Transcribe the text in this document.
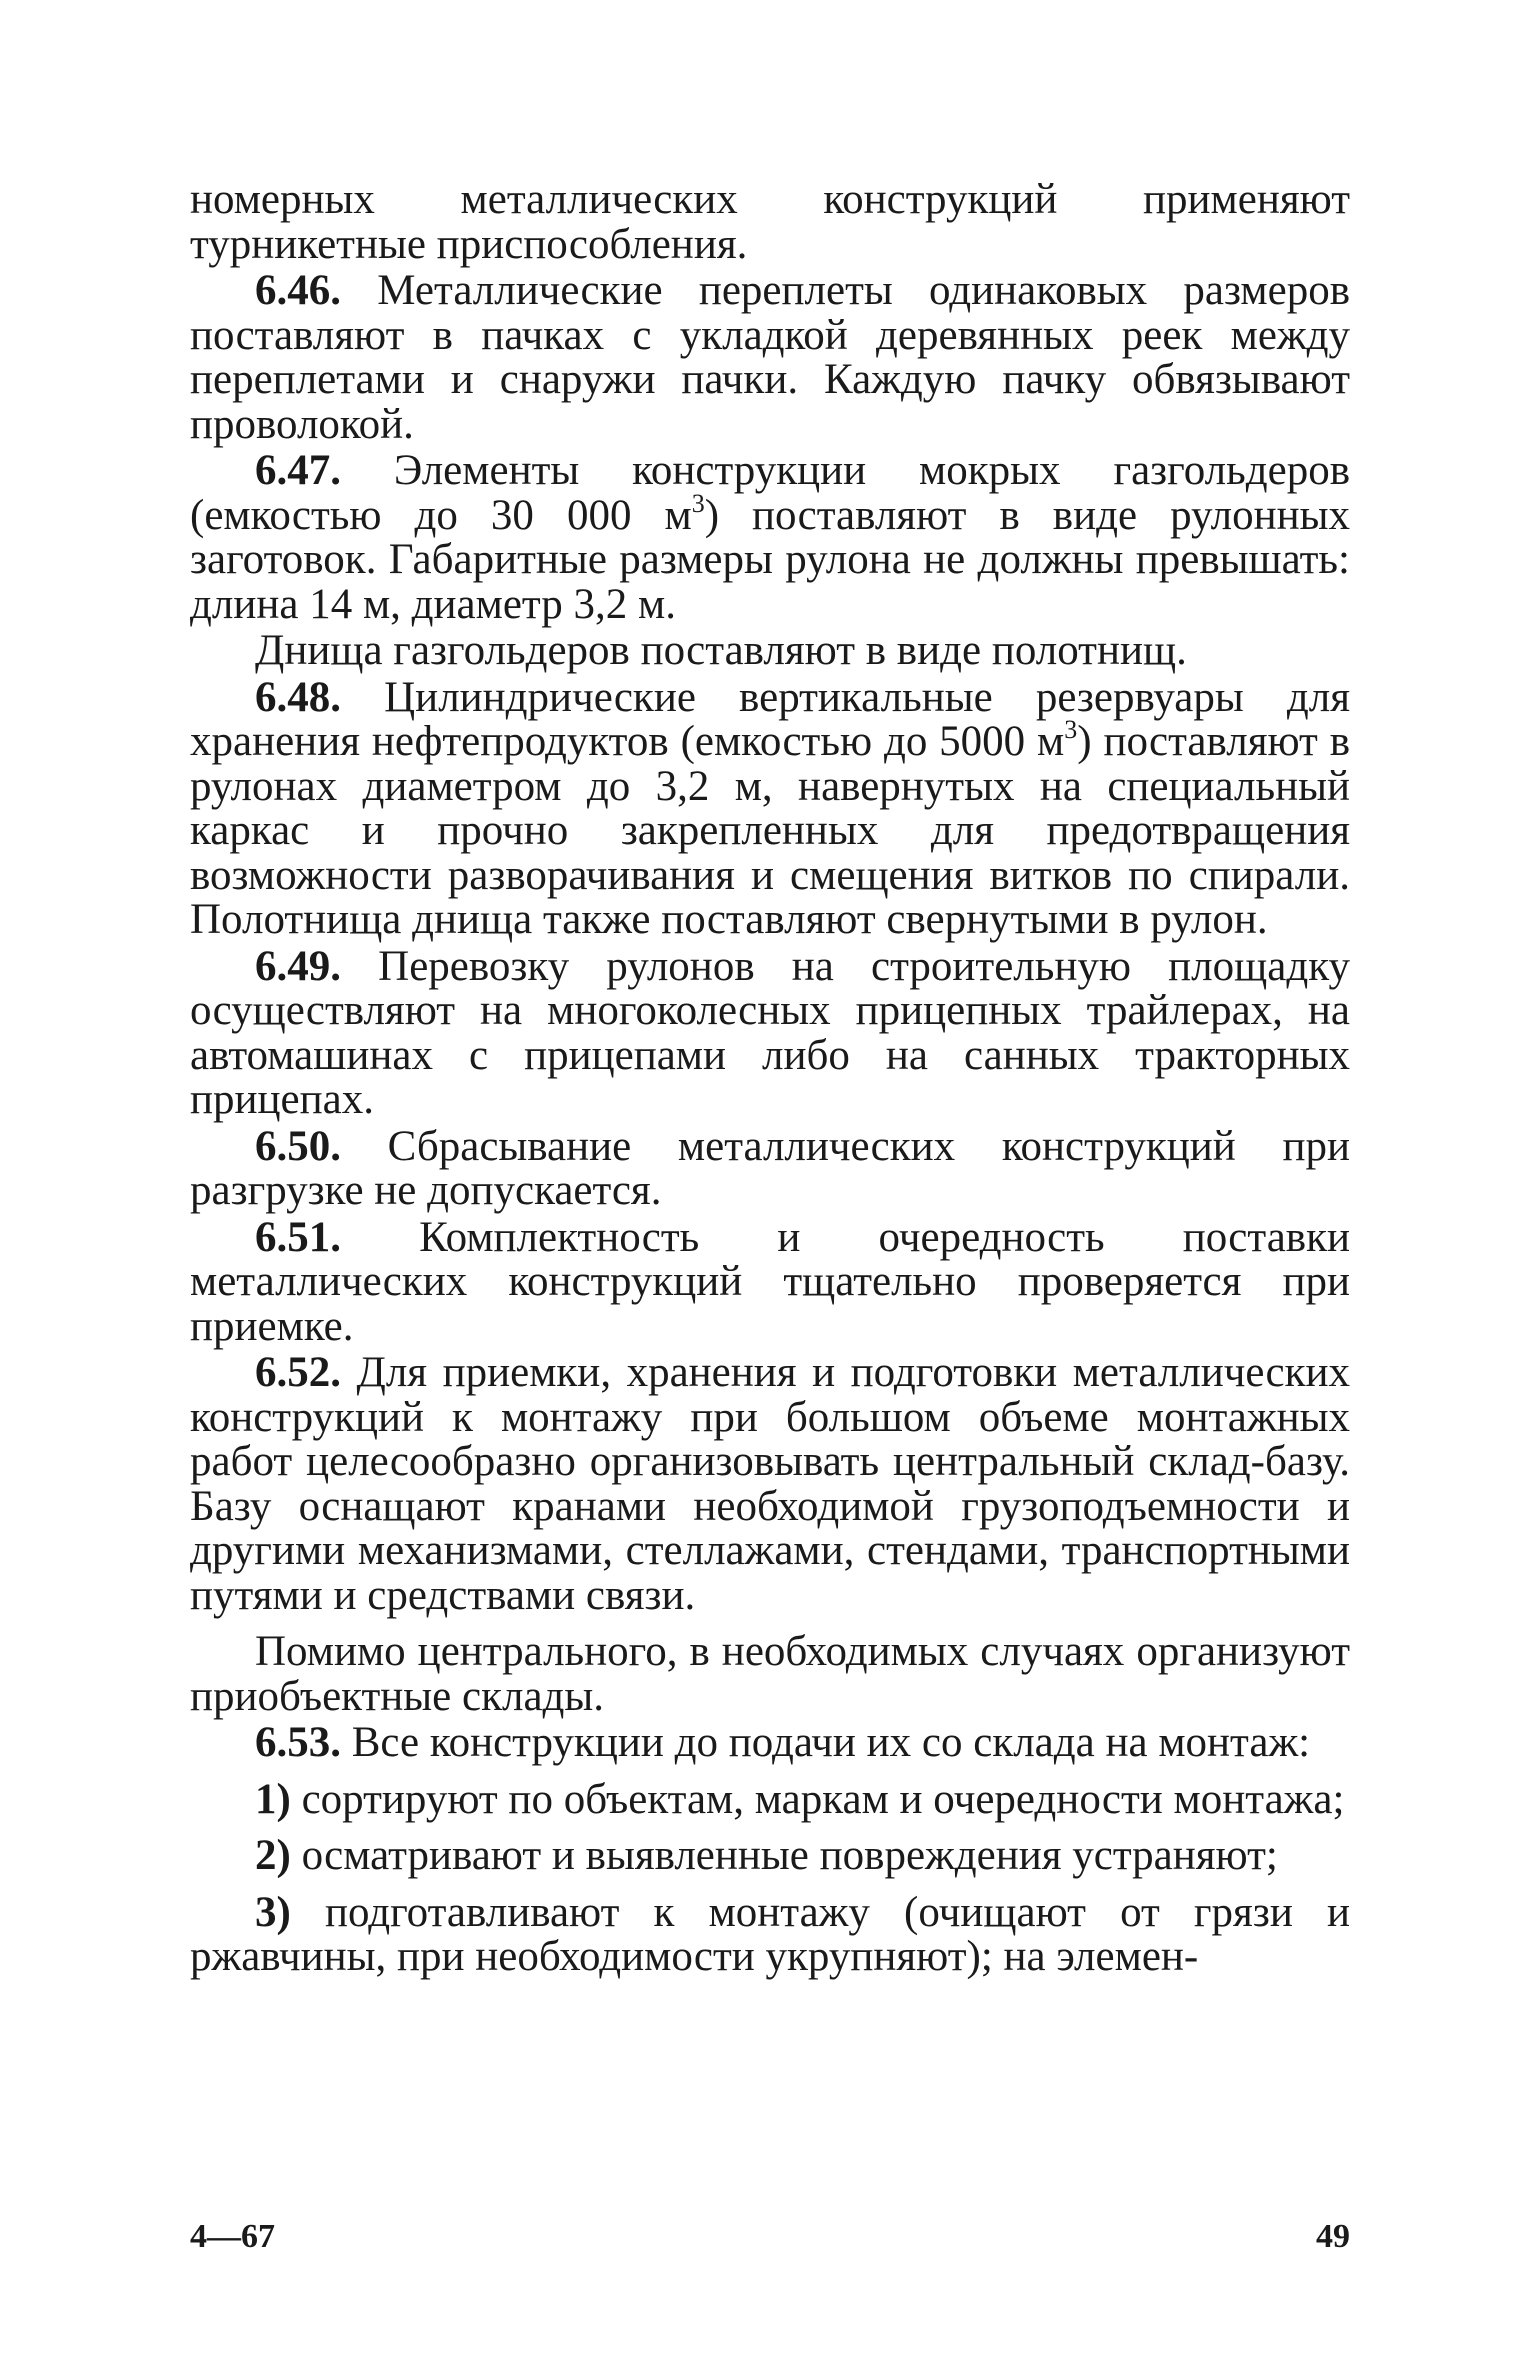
номерных металлических конструкций применяют турникетные приспособления.

6.46. Металлические переплеты одинаковых размеров поставляют в пачках с укладкой деревянных реек между переплетами и снаружи пачки. Каждую пачку обвязывают проволокой.

6.47. Элементы конструкции мокрых газгольдеров (емкостью до 30 000 $м^3$) поставляют в виде рулонных заготовок. Габаритные размеры рулона не должны превышать: длина 14 м, диаметр 3,2 м.

Днища газгольдеров поставляют в виде полотнищ.

6.48. Цилиндрические вертикальные резервуары для хранения нефтепродуктов (емкостью до 5000 $м^3$) поставляют в рулонах диаметром до 3,2 м, навернутых на специальный каркас и прочно закрепленных для предотвращения возможности разворачивания и смещения витков по спирали. Полотнища днища также поставляют свернутыми в рулон.

6.49. Перевозку рулонов на строительную площадку осуществляют на многоколесных прицепных трайлерах, на автомашинах с прицепами либо на санных тракторных прицепах.

6.50. Сбрасывание металлических конструкций при разгрузке не допускается.

6.51. Комплектность и очередность поставки металлических конструкций тщательно проверяется при приемке.

6.52. Для приемки, хранения и подготовки металлических конструкций к монтажу при большом объеме монтажных работ целесообразно организовывать центральный склад-базу. Базу оснащают кранами необходимой грузоподъемности и другими механизмами, стеллажами, стендами, транспортными путями и средствами связи.

Помимо центрального, в необходимых случаях организуют приобъектные склады.

6.53. Все конструкции до подачи их со склада на монтаж:

1) сортируют по объектам, маркам и очередности монтажа;

2) осматривают и выявленные повреждения устраняют;

3) подготавливают к монтажу (очищают от грязи и ржавчины, при необходимости укрупняют); на элемен-

4—67	49
